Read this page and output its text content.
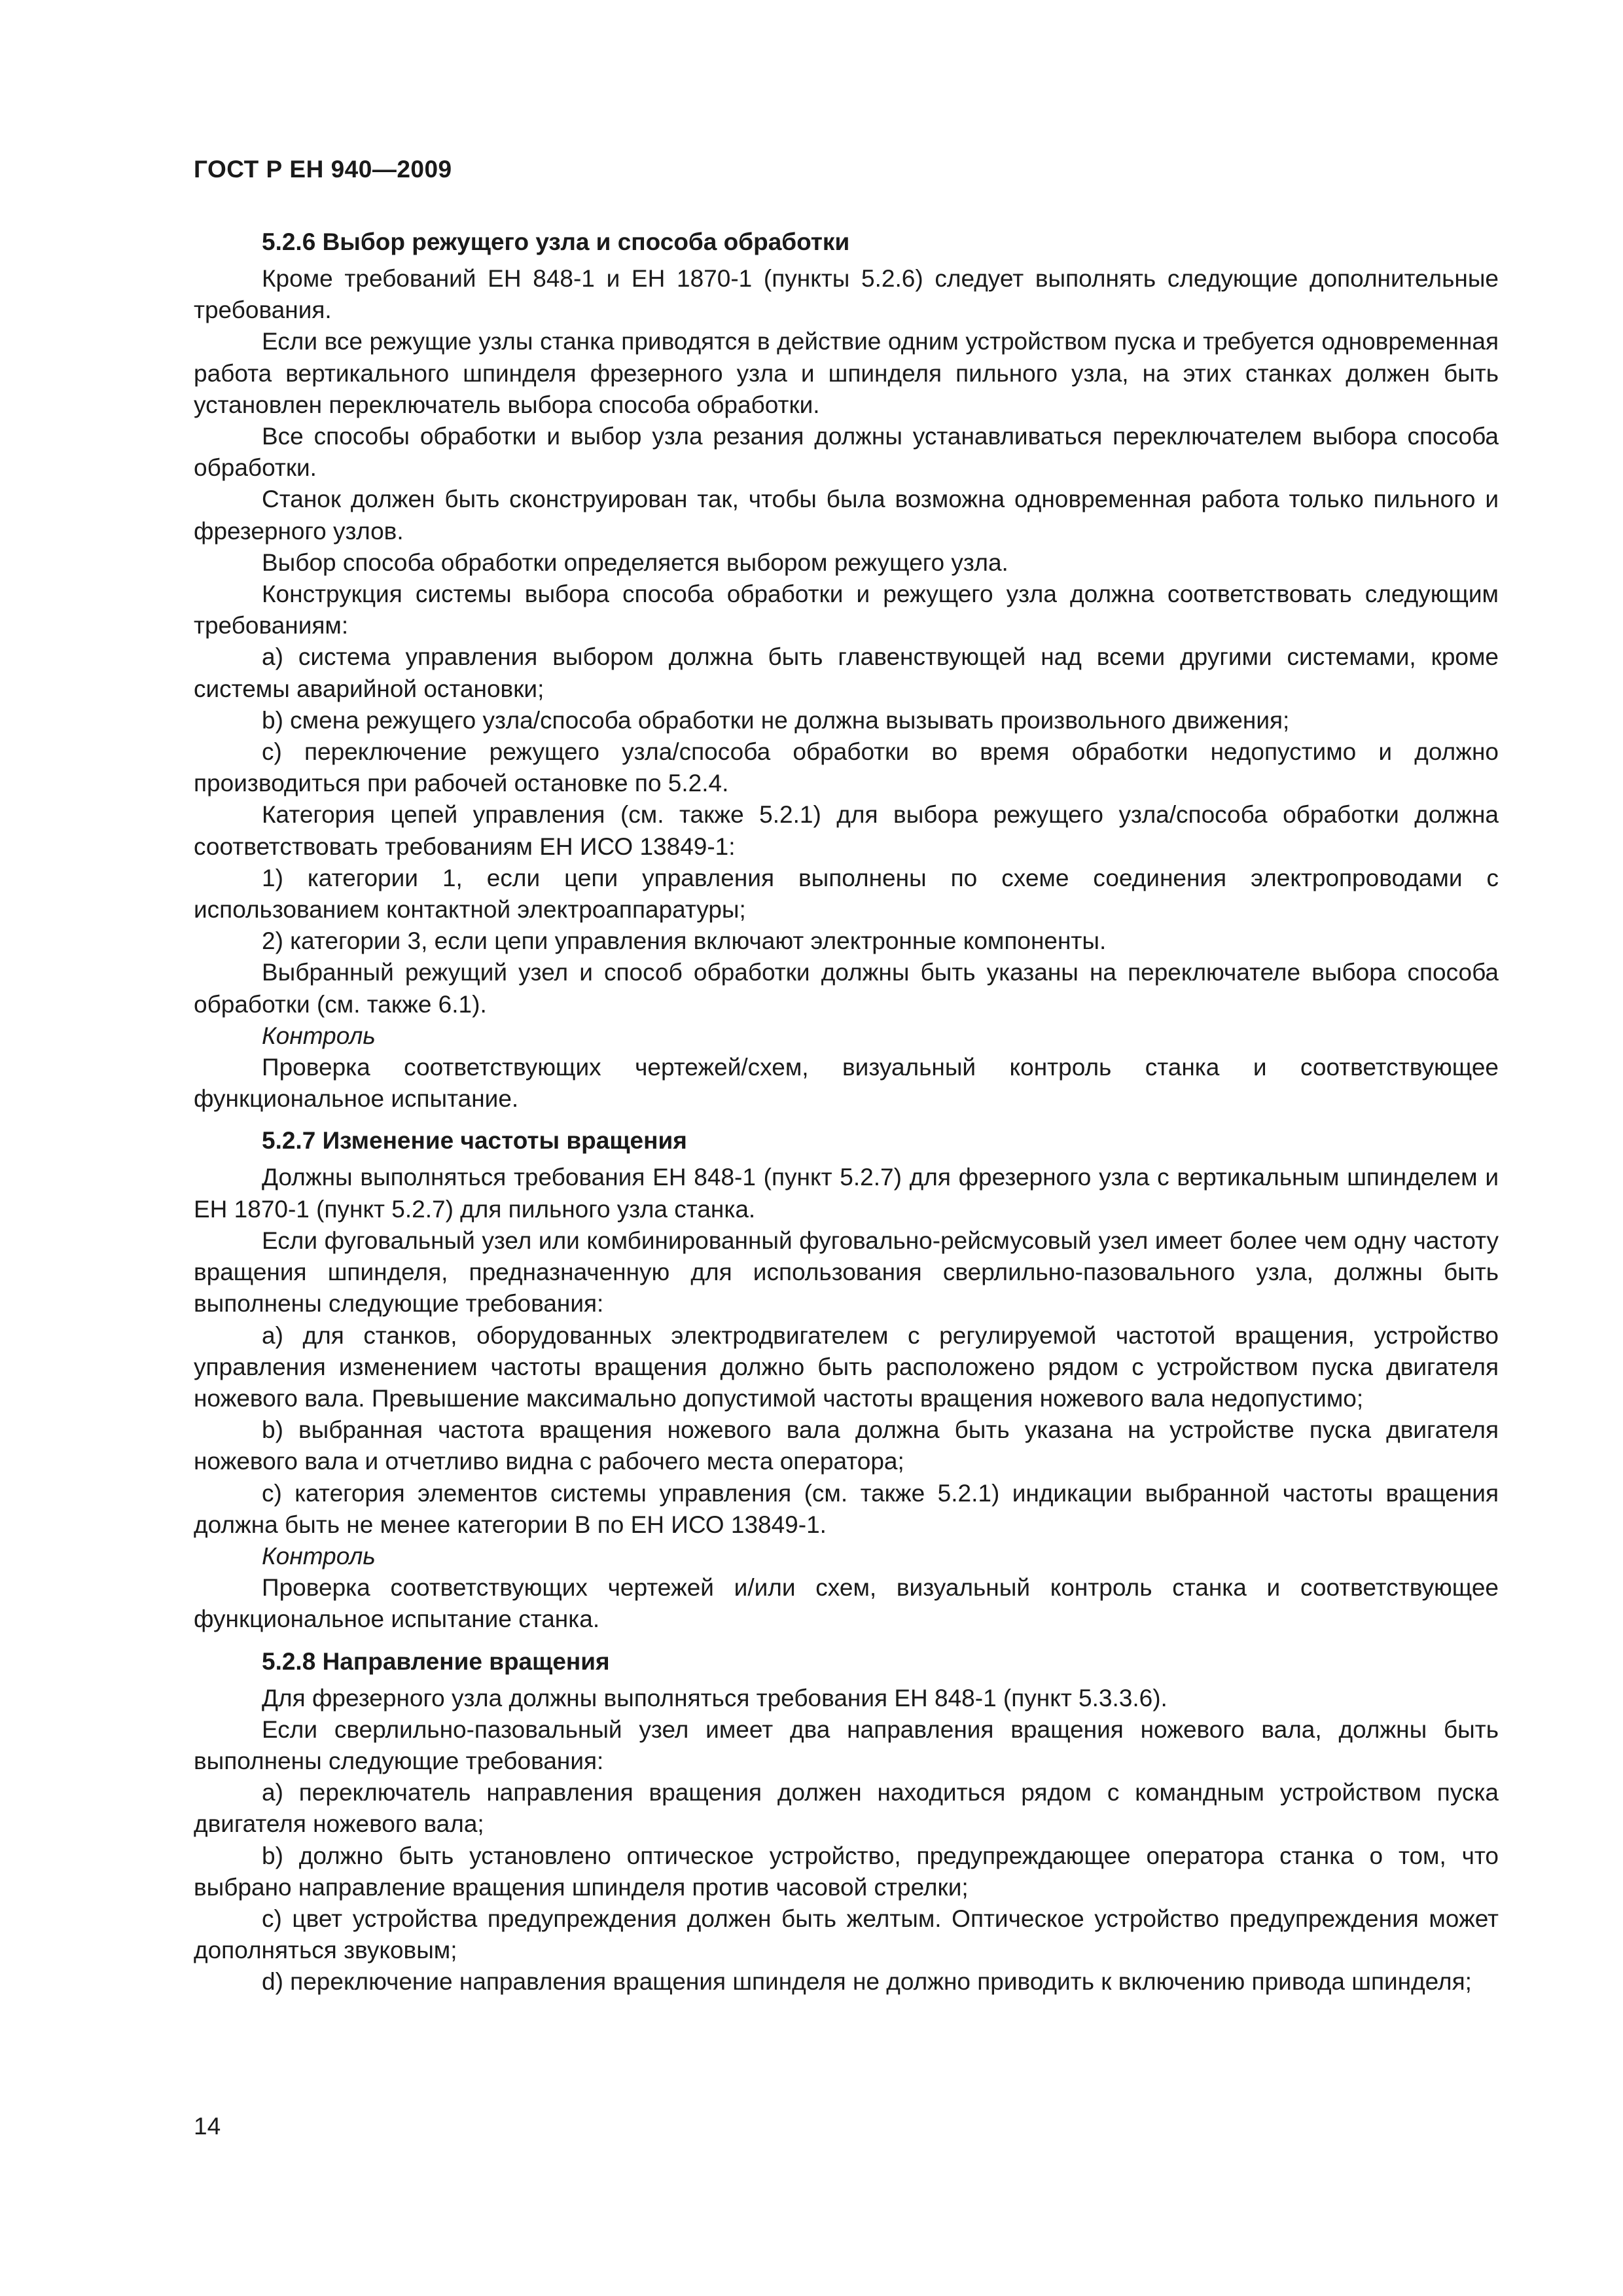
ГОСТ Р ЕН 940—2009
5.2.6 Выбор режущего узла и способа обработки

Кроме требований ЕН 848-1 и ЕН 1870-1 (пункты 5.2.6) следует выполнять следующие дополнительные требования.

Если все режущие узлы станка приводятся в действие одним устройством пуска и требуется одновременная работа вертикального шпинделя фрезерного узла и шпинделя пильного узла, на этих станках должен быть установлен переключатель выбора способа обработки.

Все способы обработки и выбор узла резания должны устанавливаться переключателем выбора способа обработки.

Станок должен быть сконструирован так, чтобы была возможна одновременная работа только пильного и фрезерного узлов.

Выбор способа обработки определяется выбором режущего узла.

Конструкция системы выбора способа обработки и режущего узла должна соответствовать следующим требованиям:

а) система управления выбором должна быть главенствующей над всеми другими системами, кроме системы аварийной остановки;

b) смена режущего узла/способа обработки не должна вызывать произвольного движения;

с) переключение режущего узла/способа обработки во время обработки недопустимо и должно производиться при рабочей остановке по 5.2.4.

Категория цепей управления (см. также 5.2.1) для выбора режущего узла/способа обработки должна соответствовать требованиям ЕН ИСО 13849-1:

1) категории 1, если цепи управления выполнены по схеме соединения электропроводами с использованием контактной электроаппаратуры;

2) категории 3, если цепи управления включают электронные компоненты.

Выбранный режущий узел и способ обработки должны быть указаны на переключателе выбора способа обработки (см. также 6.1).

Контроль

Проверка соответствующих чертежей/схем, визуальный контроль станка и соответствующее функциональное испытание.

5.2.7 Изменение частоты вращения

Должны выполняться требования ЕН 848-1 (пункт 5.2.7) для фрезерного узла с вертикальным шпинделем и ЕН 1870-1 (пункт 5.2.7) для пильного узла станка.

Если фуговальный узел или комбинированный фуговально-рейсмусовый узел имеет более чем одну частоту вращения шпинделя, предназначенную для использования сверлильно-пазовального узла, должны быть выполнены следующие требования:

а) для станков, оборудованных электродвигателем с регулируемой частотой вращения, устройство управления изменением частоты вращения должно быть расположено рядом с устройством пуска двигателя ножевого вала. Превышение максимально допустимой частоты вращения ножевого вала недопустимо;

b) выбранная частота вращения ножевого вала должна быть указана на устройстве пуска двигателя ножевого вала и отчетливо видна с рабочего места оператора;

с) категория элементов системы управления (см. также 5.2.1) индикации выбранной частоты вращения должна быть не менее категории В по ЕН ИСО 13849-1.

Контроль

Проверка соответствующих чертежей и/или схем, визуальный контроль станка и соответствующее функциональное испытание станка.

5.2.8 Направление вращения

Для фрезерного узла должны выполняться требования ЕН 848-1 (пункт 5.3.3.6).

Если сверлильно-пазовальный узел имеет два направления вращения ножевого вала, должны быть выполнены следующие требования:

а) переключатель направления вращения должен находиться рядом с командным устройством пуска двигателя ножевого вала;

b) должно быть установлено оптическое устройство, предупреждающее оператора станка о том, что выбрано направление вращения шпинделя против часовой стрелки;

с) цвет устройства предупреждения должен быть желтым. Оптическое устройство предупреждения может дополняться звуковым;

d) переключение направления вращения шпинделя не должно приводить к включению привода шпинделя;

14
